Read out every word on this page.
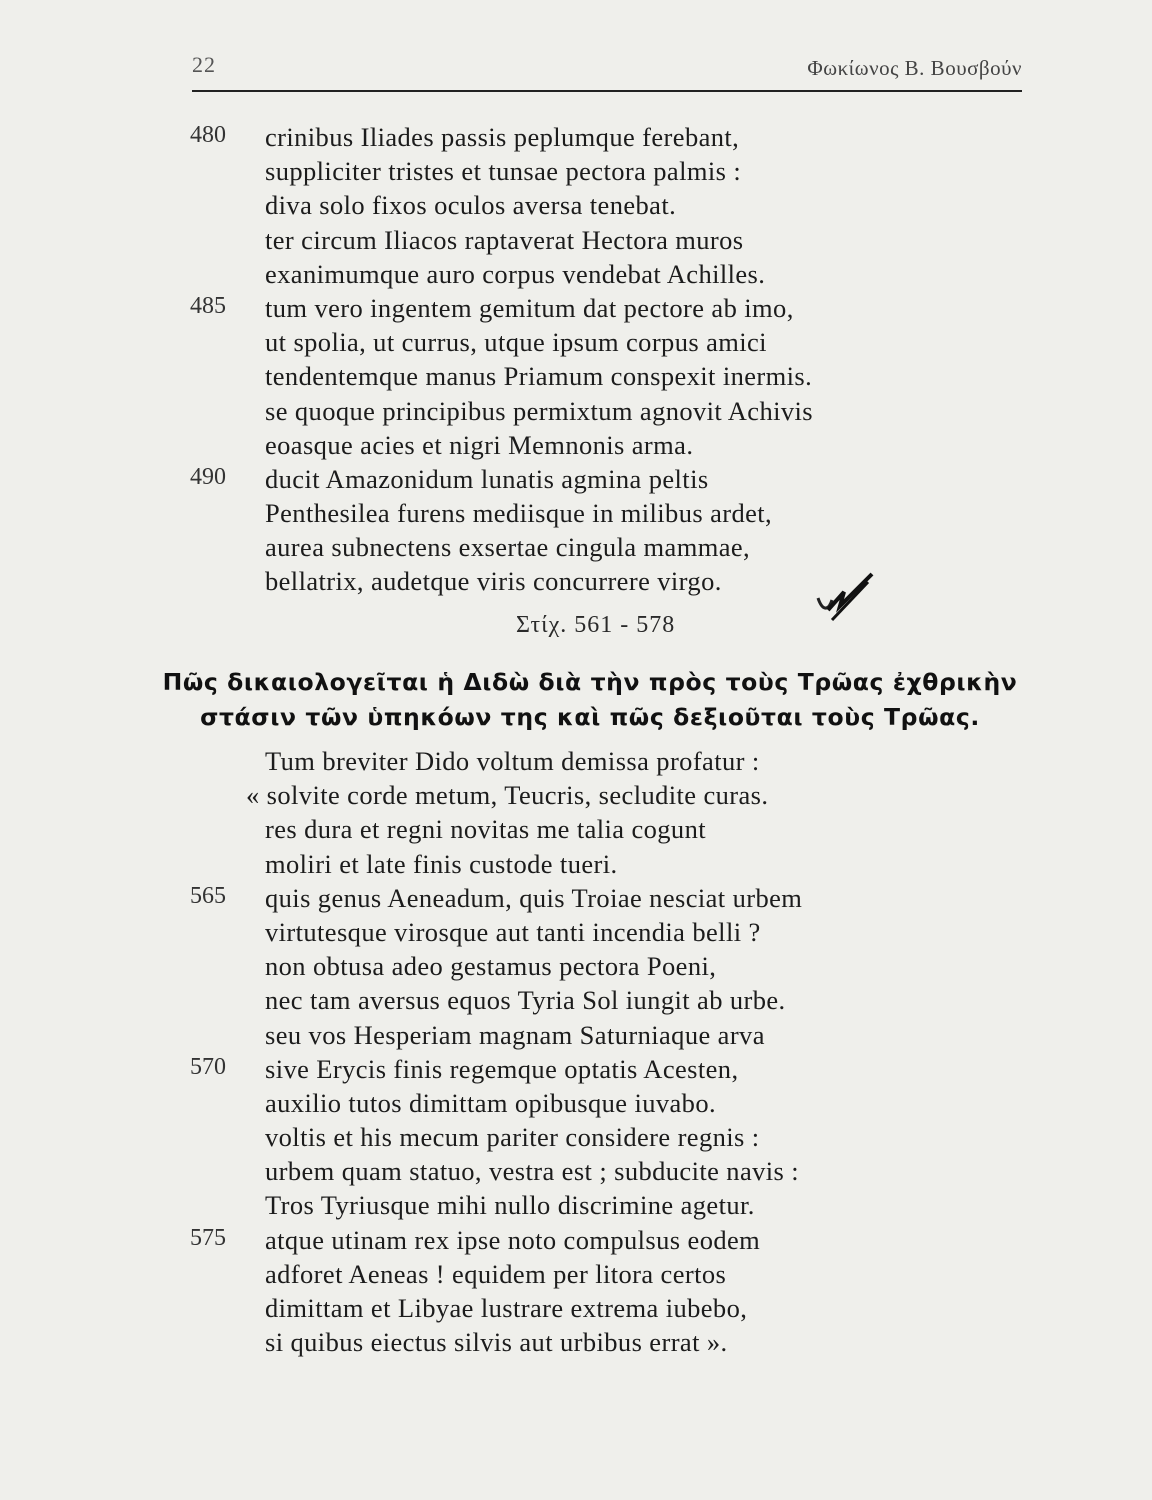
22	Φωκίωνος Β. Βουσβούν
480 crinibus Iliades passis peplumque ferebant,
suppliciter tristes et tunsae pectora palmis :
diva solo fixos oculos aversa tenebat.
ter circum Iliacos raptaverat Hectora muros
exanimumque auro corpus vendebat Achilles.
485 tum vero ingentem gemitum dat pectore ab imo,
ut spolia, ut currus, utque ipsum corpus amici
tendentemque manus Priamum conspexit inermis.
se quoque principibus permixtum agnovit Achivis
eoasque acies et nigri Memnonis arma.
490 ducit Amazonidum lunatis agmina peltis
Penthesilea furens mediisque in milibus ardet,
aurea subnectens exsertae cingula mammae,
bellatrix, audetque viris concurrere virgo.
Στίχ. 561 - 578
Πῶς δικαιολογεῖται ἡ Διδὼ διὰ τὴν πρὸς τοὺς Τρῶας ἐχθρικὴν
στάσιν τῶν ὑπηκόων της καὶ πῶς δεξιοῦται τοὺς Τρῶας.
Tum breviter Dido voltum demissa profatur :
« solvite corde metum, Teucris, secludite curas.
res dura et regni novitas me talia cogunt
moliri et late finis custode tueri.
565 quis genus Aeneadum, quis Troiae nesciat urbem
virtutesque virosque aut tanti incendia belli ?
non obtusa adeo gestamus pectora Poeni,
nec tam aversus equos Tyria Sol iungit ab urbe.
seu vos Hesperiam magnam Saturniaque arva
570 sive Erycis finis regemque optatis Acesten,
auxilio tutos dimittam opibusque iuvabo.
voltis et his mecum pariter considere regnis :
urbem quam statuo, vestra est ; subducite navis :
Tros Tyriusque mihi nullo discrimine agetur.
575 atque utinam rex ipse noto compulsus eodem
adforet Aeneas ! equidem per litora certos
dimittam et Libyae lustrare extrema iubebo,
si quibus eiectus silvis aut urbibus errat ».
